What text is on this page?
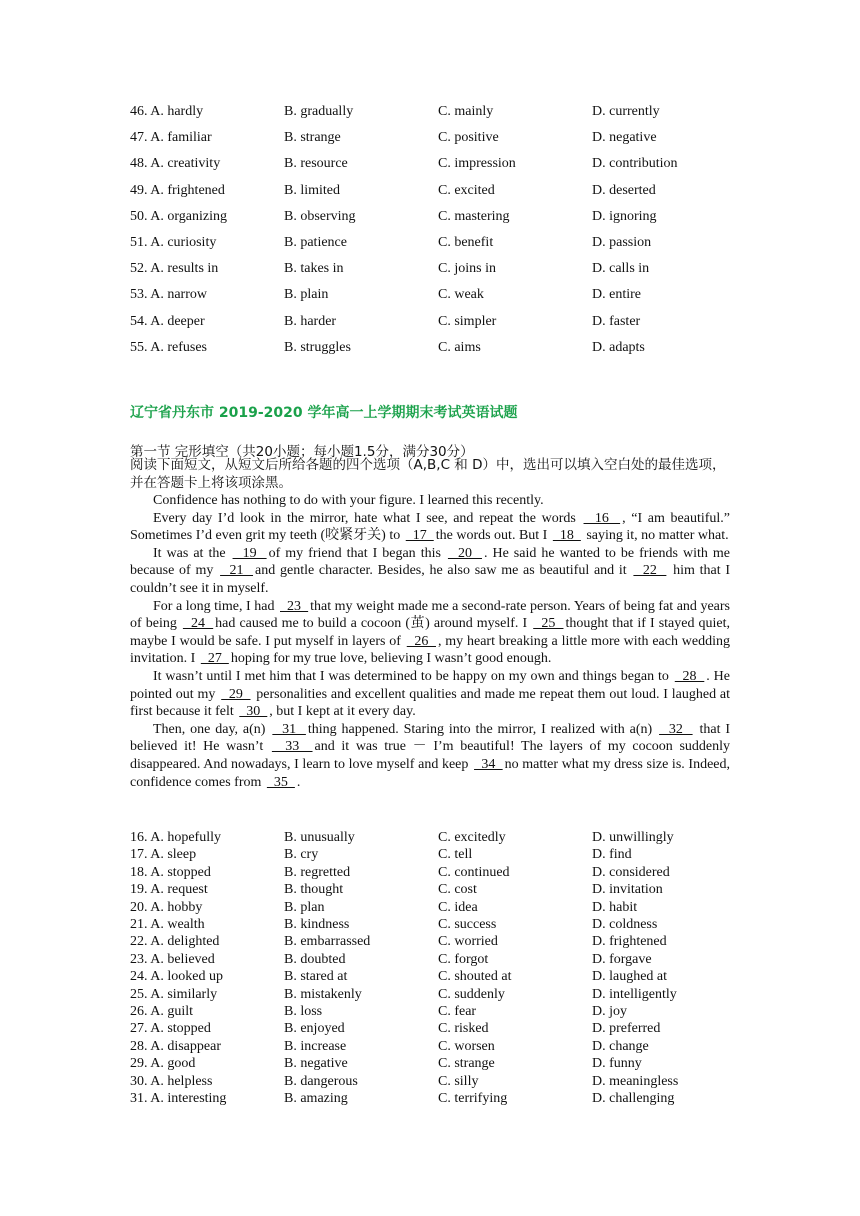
46. A. hardly	B. gradually	C. mainly	D. currently
47. A. familiar	B. strange	C. positive	D. negative
48. A. creativity	B. resource	C. impression	D. contribution
49. A. frightened	B. limited	C. excited	D. deserted
50. A. organizing	B. observing	C. mastering	D. ignoring
51. A. curiosity	B. patience	C. benefit	D. passion
52. A. results in	B. takes in	C. joins in	D. calls in
53. A. narrow	B. plain	C. weak	D. entire
54. A. deeper	B. harder	C. simpler	D. faster
55. A. refuses	B. struggles	C. aims	D. adapts
辽宁省丹东市 2019-2020 学年高一上学期期末考试英语试题
第一节 完形填空（共20小题；每小题1.5分，满分30分）
阅读下面短文，从短文后所给各题的四个选项（A,B,C 和 D）中，选出可以填入空白处的最佳选项，并在答题卡上将该项涂黑。

Confidence has nothing to do with your figure. I learned this recently.

Every day I’d look in the mirror, hate what I see, and repeat the words   16  , “I am beautiful.” Sometimes I’d even grit my teeth (咬紧牙关) to   17  the words out. But I   18   saying it, no matter what.

It was at the   19  of my friend that I began this   20  . He said he wanted to be friends with me because of my   21  and gentle character. Besides, he also saw me as beautiful and it   22   him that I couldn’t see it in myself.

For a long time, I had   23  that my weight made me a second-rate person. Years of being fat and years of being   24  had caused me to build a cocoon (茧) around myself. I   25  thought that if I stayed quiet, maybe I would be safe. I put myself in layers of   26  , my heart breaking a little more with each wedding invitation. I   27  hoping for my true love, believing I wasn’t good enough.

It wasn’t until I met him that I was determined to be happy on my own and things began to   28  . He pointed out my   29   personalities and excellent qualities and made me repeat them out loud. I laughed at first because it felt   30  , but I kept at it every day.

Then, one day, a(n)   31  thing happened. Staring into the mirror, I realized with a(n)   32   that I believed it! He wasn’t   33  and it was true － I’m beautiful! The layers of my cocoon suddenly disappeared. And nowadays, I learn to love myself and keep   34  no matter what my dress size is. Indeed, confidence comes from   35  .

16. A. hopefully	B. unusually	C. excitedly	D. unwillingly
17. A. sleep	B. cry	C. tell	D. find
18. A. stopped	B. regretted	C. continued	D. considered
19. A. request	B. thought	C. cost	D. invitation
20. A. hobby	B. plan	C. idea	D. habit
21. A. wealth	B. kindness	C. success	D. coldness
22. A. delighted	B. embarrassed	C. worried	D. frightened
23. A. believed	B. doubted	C. forgot	D. forgave
24. A. looked up	B. stared at	C. shouted at	D. laughed at
25. A. similarly	B. mistakenly	C. suddenly	D. intelligently
26. A. guilt	B. loss	C. fear	D. joy
27. A. stopped	B. enjoyed	C. risked	D. preferred
28. A. disappear	B. increase	C. worsen	D. change
29. A. good	B. negative	C. strange	D. funny
30. A. helpless	B. dangerous	C. silly	D. meaningless
31. A. interesting	B. amazing	C. terrifying	D. challenging
